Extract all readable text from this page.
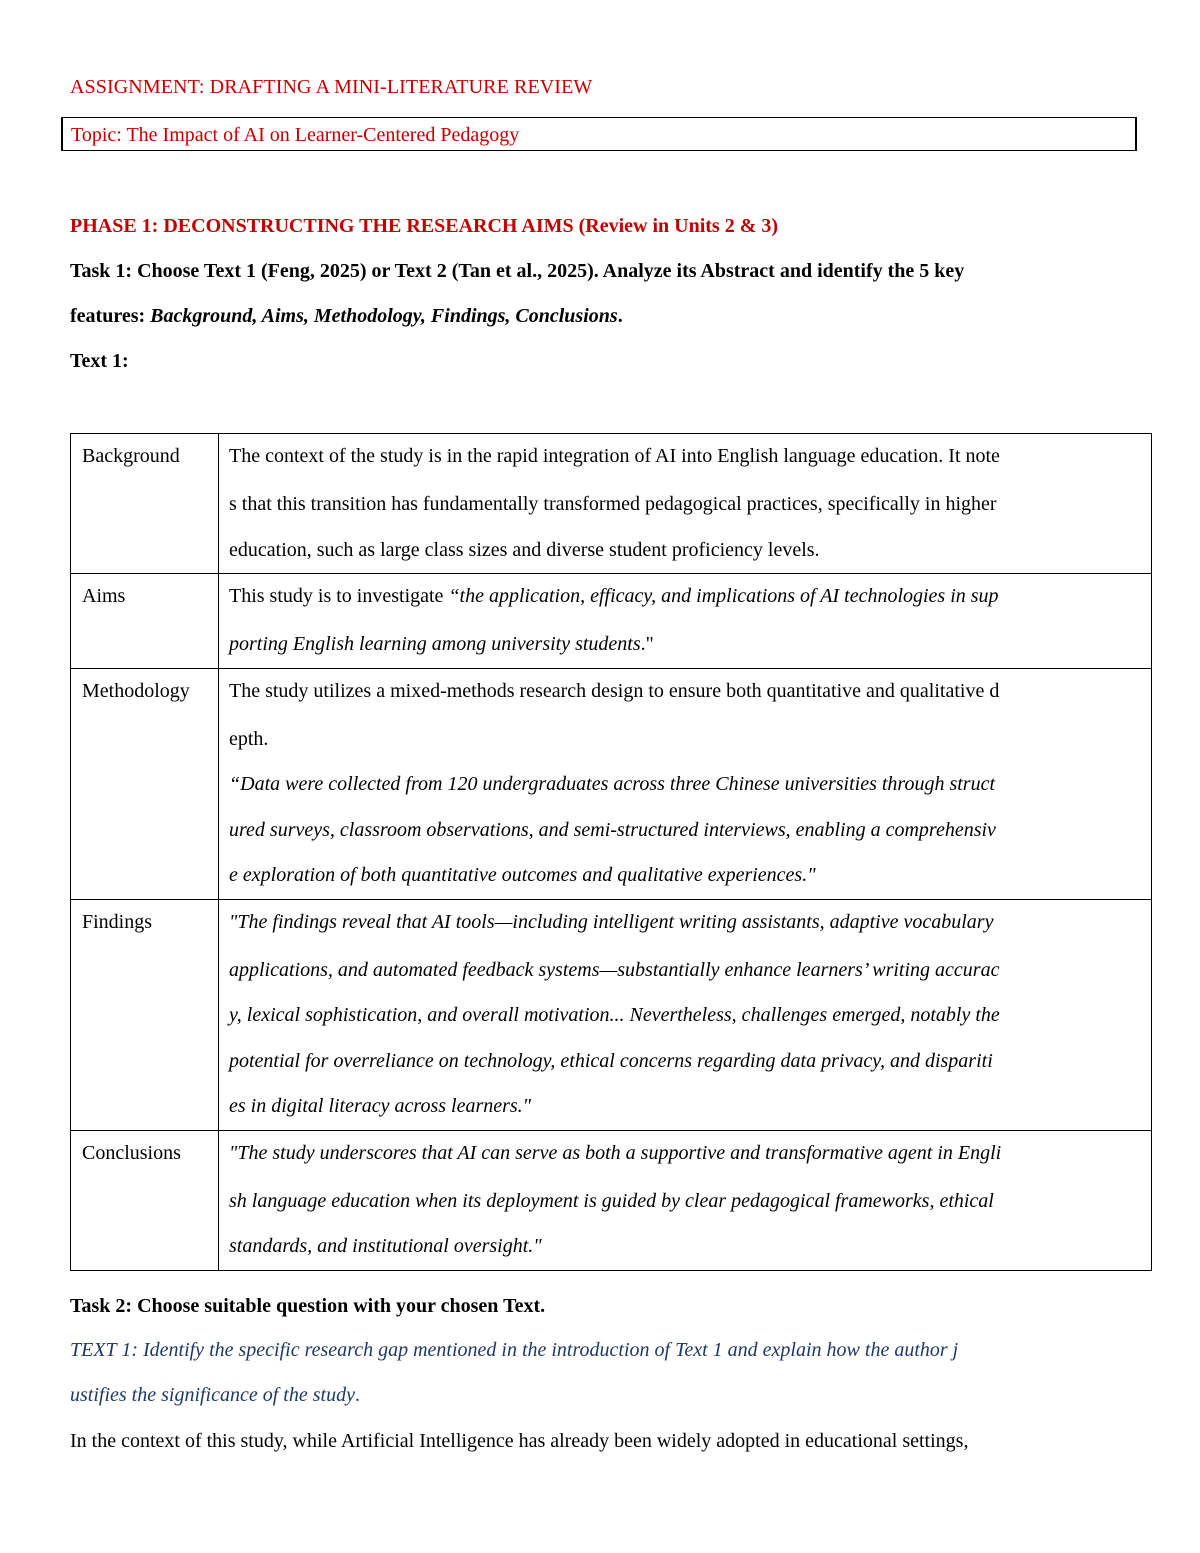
ASSIGNMENT: DRAFTING A MINI-LITERATURE REVIEW
Topic: The Impact of AI on Learner-Centered Pedagogy
PHASE 1: DECONSTRUCTING THE RESEARCH AIMS (Review in Units 2 & 3)
Task 1: Choose Text 1 (Feng, 2025) or Text 2 (Tan et al., 2025). Analyze its Abstract and identify the 5 key
features: Background, Aims, Methodology, Findings, Conclusions.
Text 1:
Background	The context of the study is in the rapid integration of AI into English language education. It note
s that this transition has fundamentally transformed pedagogical practices, specifically in higher
education, such as large class sizes and diverse student proficiency levels.

Aims	This study is to investigate “the application, efficacy, and implications of AI technologies in sup
porting English learning among university students."

Methodology	The study utilizes a mixed-methods research design to ensure both quantitative and qualitative d
epth.
“Data were collected from 120 undergraduates across three Chinese universities through struct
ured surveys, classroom observations, and semi-structured interviews, enabling a comprehensiv
e exploration of both quantitative outcomes and qualitative experiences."

Findings	"The findings reveal that AI tools—including intelligent writing assistants, adaptive vocabulary
applications, and automated feedback systems—substantially enhance learners’ writing accurac
y, lexical sophistication, and overall motivation... Nevertheless, challenges emerged, notably the
potential for overreliance on technology, ethical concerns regarding data privacy, and dispariti
es in digital literacy across learners."

Conclusions	"The study underscores that AI can serve as both a supportive and transformative agent in Engli
sh language education when its deployment is guided by clear pedagogical frameworks, ethical
standards, and institutional oversight."
Task 2: Choose suitable question with your chosen Text.
TEXT 1: Identify the specific research gap mentioned in the introduction of Text 1 and explain how the author j
ustifies the significance of the study.
In the context of this study, while Artificial Intelligence has already been widely adopted in educational settings,
